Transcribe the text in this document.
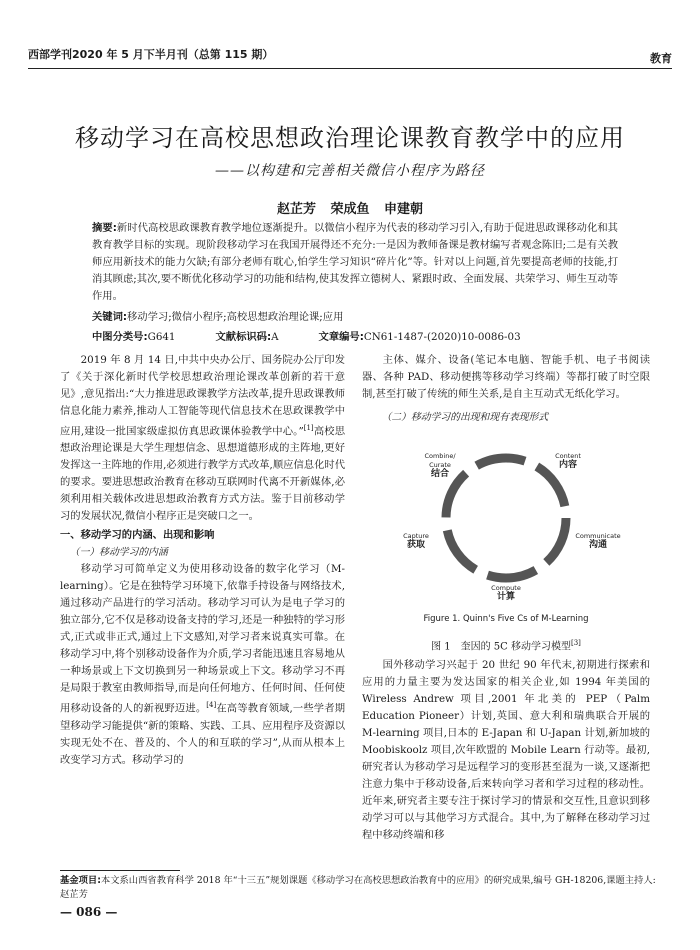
西部学刊2020 年 5 月下半月刊（总第 115 期）	教育
移动学习在高校思想政治理论课教育教学中的应用
——以构建和完善相关微信小程序为路径
赵芷芳 荣成鱼 申建朝
摘要:新时代高校思政课教育教学地位逐渐提升。以微信小程序为代表的移动学习引入,有助于促进思政课移动化和其教育教学目标的实现。现阶段移动学习在我国开展得还不充分:一是因为教师备课是教材编写者观念陈旧;二是有关教师应用新技术的能力欠缺;有部分老师有耽心,怕学生学习知识“碎片化”等。针对以上问题,首先要提高老师的技能,打消其顾虑;其次,要不断优化移动学习的功能和结构,使其发挥立德树人、紧跟时政、全面发展、共荣学习、师生互动等作用。
关键词:移动学习;微信小程序;高校思想政治理论课;应用
中图分类号:G641	文献标识码:A	文章编号:CN61-1487-(2020)10-0086-03

2019 年 8 月 14 日,中共中央办公厅、国务院办公厅印发了《关于深化新时代学校思想政治理论课改革创新的若干意见》,意见指出:“大力推进思政课教学方法改革,提升思政课教师信息化能力素养,推动人工智能等现代信息技术在思政课教学中应用,建设一批国家级虚拟仿真思政课体验教学中心。”[1]高校思想政治理论课是大学生理想信念、思想道德形成的主阵地,更好发挥这一主阵地的作用,必须进行教学方式改革,顺应信息化时代的要求。要进思想政治教育在移动互联网时代离不开新媒体,必须利用相关载体改进思想政治教育方式方法。鉴于目前移动学习的发展状况,微信小程序正是突破口之一。

一、移动学习的内涵、出现和影响
（一）移动学习的内涵

移动学习可简单定义为使用移动设备的数字化学习（M-learning）。它是在独特学习环境下,依靠手持设备与网络技术,通过移动产品进行的学习活动。移动学习可认为是电子学习的独立部分,它不仅是移动设备支持的学习,还是一种独特的学习形式,正式或非正式,通过上下文感知,对学习者来说真实可靠。在移动学习中,将个别移动设备作为介质,学习者能迅速且容易地从一种场景或上下文切换到另一种场景或上下文。移动学习不再是局限于教室由教师指导,而是向任何地方、任何时间、任何使用移动设备的人的新视野迈进。[4]在高等教育领域,一些学者期望移动学习能提供“新的策略、实践、工具、应用程序及资源以实现无处不在、普及的、个人的和互联的学习”,从而从根本上改变学习方式。移动学习的

主体、媒介、设备(笔记本电脑、智能手机、电子书阅读器、各种 PAD、移动便携等移动学习终端）等都打破了时空限制,甚至打破了传统的师生关系,是自主互动式无纸化学习。

（二）移动学习的出现和现有表现形式
Combine/ Curate 结合
Content 内容
Communicate 沟通
Compute 计算
Capture 获取
Figure 1. Quinn's Five Cs of M-Learning
图 1　奎因的 5C 移动学习模型[3]

国外移动学习兴起于 20 世纪 90 年代末,初期进行探索和应用的力量主要为发达国家的相关企业,如 1994 年美国的 Wireless Andrew 项目,2001 年北美的 PEP（Palm Education Pioneer）计划,英国、意大利和瑞典联合开展的 M-learning 项目,日本的 E-Japan 和 U-Japan 计划,新加坡的 Moobiskoolz 项目,次年欧盟的 Mobile Learn 行动等。最初,研究者认为移动学习是远程学习的变形甚至混为一谈,又逐渐把注意力集中于移动设备,后来转向学习者和学习过程的移动性。近年来,研究者主要专注于探讨学习的情景和交互性,且意识到移动学习可以与其他学习方式混合。其中,为了解释在移动学习过程中移动终端和移

基金项目:本文系山西省教育科学 2018 年“十三五”规划课题《移动学习在高校思想政治教育中的应用》的研究成果,编号 GH-18206,课题主持人:赵芷芳
— 086 —
